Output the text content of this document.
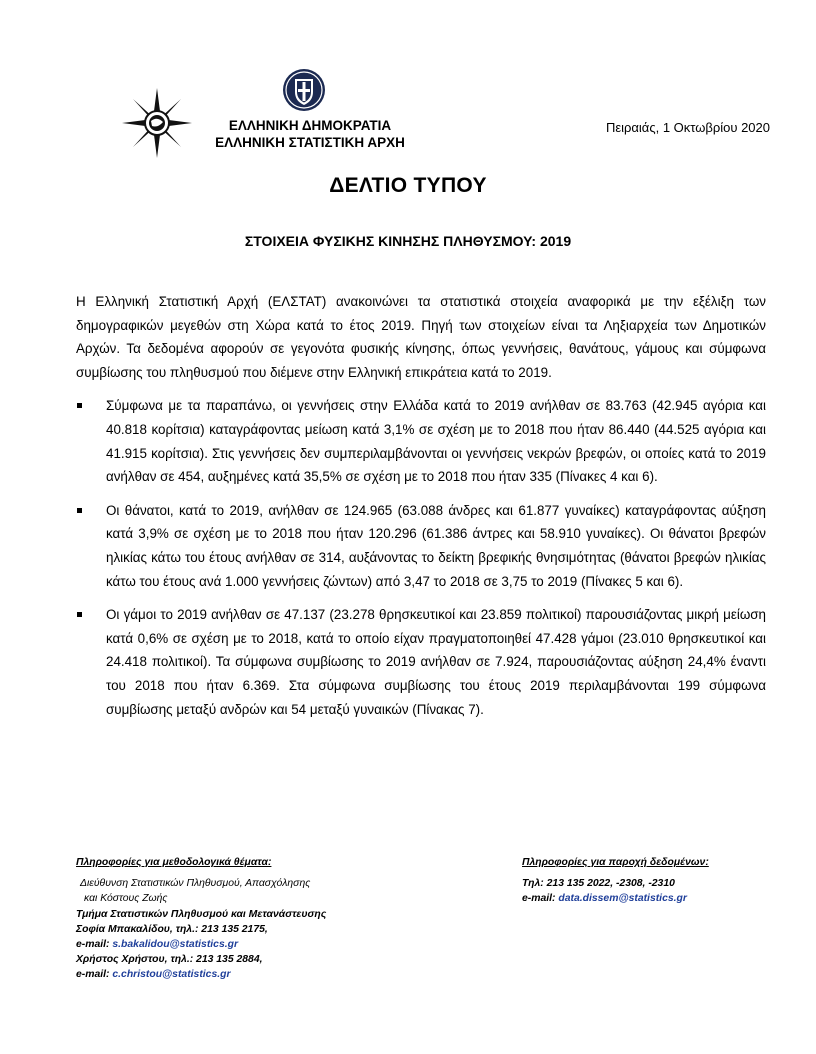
ΕΛΛΗΝΙΚΗ ΔΗΜΟΚΡΑΤΙΑ
ΕΛΛΗΝΙΚΗ ΣΤΑΤΙΣΤΙΚΗ ΑΡΧΗ
Πειραιάς, 1 Οκτωβρίου 2020
ΔΕΛΤΙΟ ΤΥΠΟΥ
ΣΤΟΙΧΕΙΑ ΦΥΣΙΚΗΣ ΚΙΝΗΣΗΣ ΠΛΗΘΥΣΜΟΥ: 2019

Η Ελληνική Στατιστική Αρχή (ΕΛΣΤΑΤ) ανακοινώνει τα στατιστικά στοιχεία αναφορικά με την εξέλιξη των δημογραφικών μεγεθών στη Χώρα κατά το έτος 2019. Πηγή των στοιχείων είναι τα Ληξιαρχεία των Δημοτικών Αρχών. Τα δεδομένα αφορούν σε γεγονότα φυσικής κίνησης, όπως γεννήσεις, θανάτους, γάμους και σύμφωνα συμβίωσης του πληθυσμού που διέμενε στην Ελληνική επικράτεια κατά το 2019.

Σύμφωνα με τα παραπάνω, οι γεννήσεις στην Ελλάδα κατά το 2019 ανήλθαν σε 83.763 (42.945 αγόρια και 40.818 κορίτσια) καταγράφοντας μείωση κατά 3,1% σε σχέση με το 2018 που ήταν 86.440 (44.525 αγόρια και 41.915 κορίτσια). Στις γεννήσεις δεν συμπεριλαμβάνονται οι γεννήσεις νεκρών βρεφών, οι οποίες κατά το 2019 ανήλθαν σε 454, αυξημένες κατά 35,5% σε σχέση με το 2018 που ήταν 335 (Πίνακες 4 και 6).
Οι θάνατοι, κατά το 2019, ανήλθαν σε 124.965 (63.088 άνδρες και 61.877 γυναίκες) καταγράφοντας αύξηση κατά 3,9% σε σχέση με το 2018 που ήταν 120.296 (61.386 άντρες και 58.910 γυναίκες). Οι θάνατοι βρεφών ηλικίας κάτω του έτους ανήλθαν σε 314, αυξάνοντας το δείκτη βρεφικής θνησιμότητας (θάνατοι βρεφών ηλικίας κάτω του έτους ανά 1.000 γεννήσεις ζώντων) από 3,47 το 2018 σε 3,75 το 2019 (Πίνακες 5 και 6).
Οι γάμοι το 2019 ανήλθαν σε 47.137 (23.278 θρησκευτικοί και 23.859 πολιτικοί) παρουσιάζοντας μικρή μείωση κατά 0,6% σε σχέση με το 2018, κατά το οποίο είχαν πραγματοποιηθεί 47.428 γάμοι (23.010 θρησκευτικοί και 24.418 πολιτικοί). Τα σύμφωνα συμβίωσης το 2019 ανήλθαν σε 7.924, παρουσιάζοντας αύξηση 24,4% έναντι του 2018 που ήταν 6.369. Στα σύμφωνα συμβίωσης του έτους 2019 περιλαμβάνονται 199 σύμφωνα συμβίωσης μεταξύ ανδρών και 54 μεταξύ γυναικών (Πίνακας 7).
Πληροφορίες για μεθοδολογικά θέματα:
Διεύθυνση Στατιστικών Πληθυσμού, Απασχόλησης
και Κόστους Ζωής
Τμήμα Στατιστικών Πληθυσμού και Μετανάστευσης
Σοφία Μπακαλίδου, τηλ.: 213 135 2175,
e-mail: s.bakalidou@statistics.gr
Χρήστος Χρήστου, τηλ.: 213 135 2884,
e-mail: c.christou@statistics.gr
Πληροφορίες για παροχή δεδομένων:
Τηλ: 213 135 2022, -2308, -2310
e-mail: data.dissem@statistics.gr
